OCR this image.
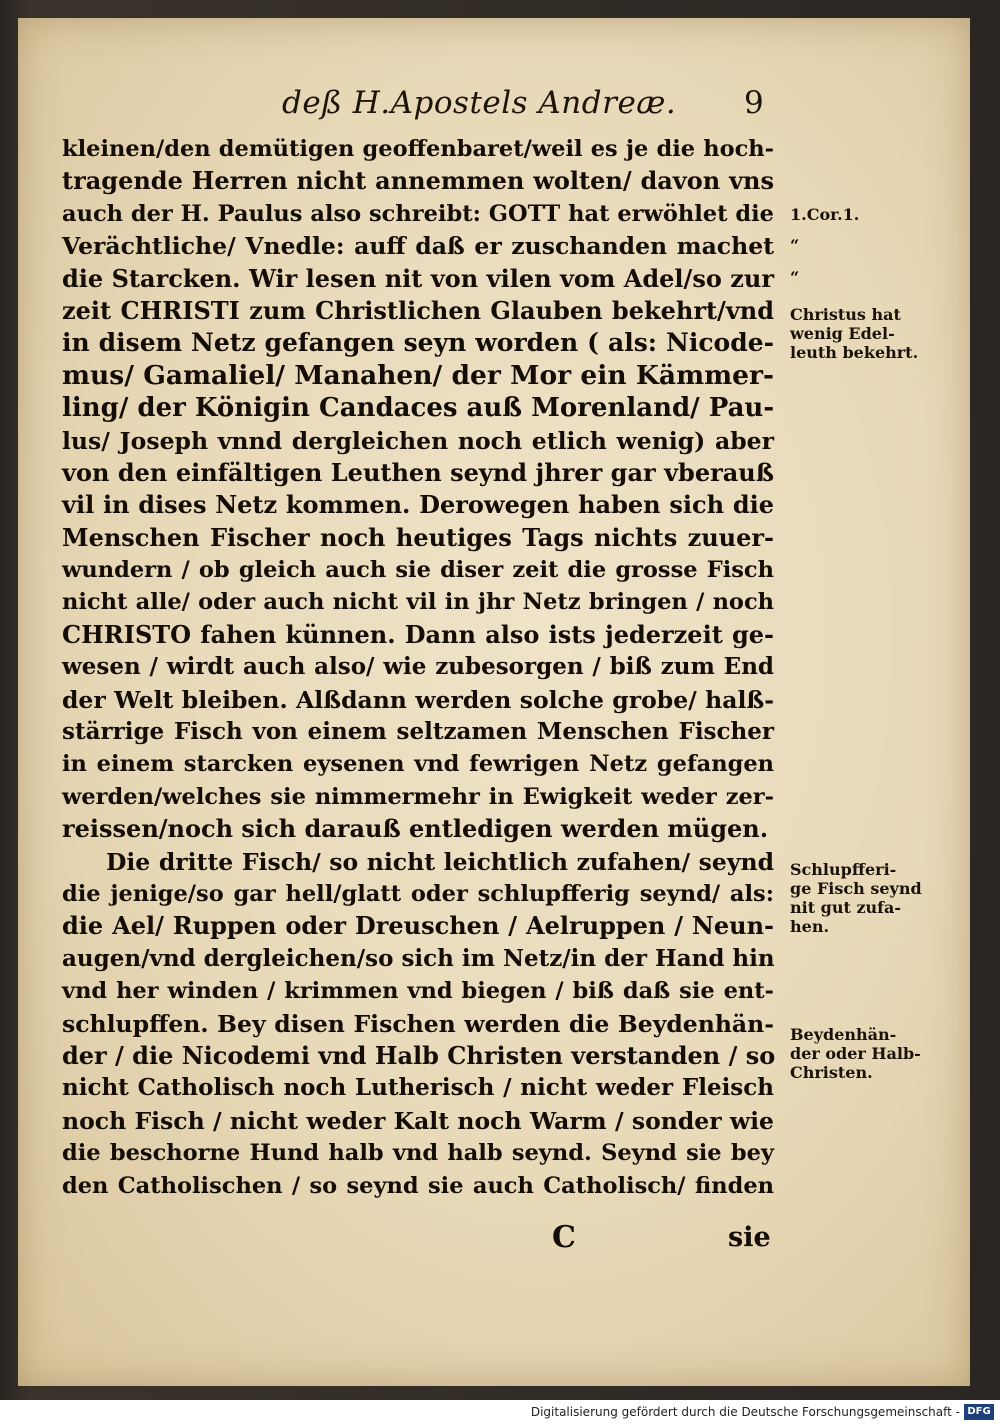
deß H.Apostels Andreæ. 9
kleinen/den demütigen geoffenbaret/weil es je die hoch-
tragende Herren nicht annemmen wolten/ davon vns
auch der H. Paulus also schreibt: GOTT hat erwöhlet die
Verächtliche/ Vnedle: auff daß er zuschanden machet
die Starcken. Wir lesen nit von vilen vom Adel/so zur
zeit CHRISTI zum Christlichen Glauben bekehrt/vnd
in disem Netz gefangen seyn worden ( als: Nicode-
mus/ Gamaliel/ Manahen/ der Mor ein Kämmer-
ling/ der Königin Candaces auß Morenland/ Pau-
lus/ Joseph vnnd dergleichen noch etlich wenig) aber
von den einfältigen Leuthen seynd jhrer gar vberauß
vil in dises Netz kommen. Derowegen haben sich die
Menschen Fischer noch heutiges Tags nichts zuuer-
wundern / ob gleich auch sie diser zeit die grosse Fisch
nicht alle/ oder auch nicht vil in jhr Netz bringen / noch
CHRISTO fahen künnen. Dann also ists jederzeit ge-
wesen / wirdt auch also/ wie zubesorgen / biß zum End
der Welt bleiben. Alßdann werden solche grobe/ halß-
stärrige Fisch von einem seltzamen Menschen Fischer
in einem starcken eysenen vnd fewrigen Netz gefangen
werden/welches sie nimmermehr in Ewigkeit weder zer-
reissen/noch sich darauß entledigen werden mügen.
Die dritte Fisch/ so nicht leichtlich zufahen/ seynd
die jenige/so gar hell/glatt oder schlupfferig seynd/ als:
die Ael/ Ruppen oder Dreuschen / Aelruppen / Neun-
augen/vnd dergleichen/so sich im Netz/in der Hand hin
vnd her winden / krimmen vnd biegen / biß daß sie ent-
schlupffen. Bey disen Fischen werden die Beydenhän-
der / die Nicodemi vnd Halb Christen verstanden / so
nicht Catholisch noch Lutherisch / nicht weder Fleisch
noch Fisch / nicht weder Kalt noch Warm / sonder wie
die beschorne Hund halb vnd halb seynd. Seynd sie bey
den Catholischen / so seynd sie auch Catholisch/ finden
C	sie
1.Cor.1.
“
“
Christus hat
wenig Edel-
leuth bekehrt.
Schlupfferi-
ge Fisch seynd
nit gut zufa-
hen.
Beydenhän-
der oder Halb-
Christen.
Digitalisierung gefördert durch die Deutsche Forschungsgemeinschaft - DFG
